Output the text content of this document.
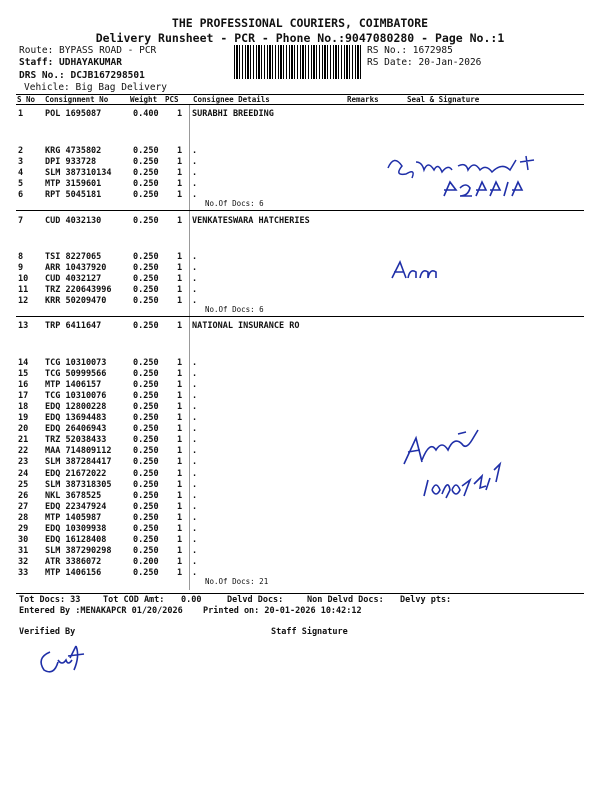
THE PROFESSIONAL COURIERS, COIMBATORE
Delivery Runsheet - PCR - Phone No.:9047080280 - Page No.:1
Route: BYPASS ROAD - PCR
Staff: UDHAYAKUMAR
DRS No.: DCJB167298501
Vehicle: Big Bag Delivery
RS No.: 1672985
RS Date: 20-Jan-2026
S No Consignment No	Weight PCS Consignee Details	Remarks	Seal & Signature
1	POL 1695087	0.400 1 SURABHI BREEDING
2	KRG 4735802	0.250 1 .
3	DPI 933728	0.250 1 .
4	SLM 387310134	0.250 1 .
5	MTP 3159601	0.250 1 .
6	RPT 5045181	0.250 1 .
No.Of Docs: 6
7	CUD 4032130	0.250 1 VENKATESWARA HATCHERIES
8	TSI 8227065	0.250 1 .
9	ARR 10437920	0.250 1 .
10 CUD 4032127	0.250 1 .
11 TRZ 220643996	0.250 1 .
12 KRR 50209470	0.250 1 .
No.Of Docs: 6
13 TRP 6411647	0.250 1 NATIONAL INSURANCE RO
14 TCG 10310073	0.250 1 .
15 TCG 50999566	0.250 1 .
16 MTP 1406157	0.250 1 .
17 TCG 10310076	0.250 1 .
18 EDQ 12800228	0.250 1 .
19 EDQ 13694483	0.250 1 .
20 EDQ 26406943	0.250 1 .
21 TRZ 52038433	0.250 1 .
22 MAA 714809112	0.250 1 .
23 SLM 387284417	0.250 1 .
24 EDQ 21672022	0.250 1 .
25 SLM 387318305	0.250 1 .
26 NKL 3678525	0.250 1 .
27 EDQ 22347924	0.250 1 .
28 MTP 1405987	0.250 1 .
29 EDQ 10309938	0.250 1 .
30 EDQ 16128408	0.250 1 .
31 SLM 387290298	0.250 1 .
32 ATR 3386072	0.200 1 .
33 MTP 1406156	0.250 1 .
No.Of Docs: 21
Tot Docs: 33	Tot COD Amt: 0.00	Delvd Docs:	Non Delvd Docs: Delvy pts:
Entered By :MENAKAPCR 01/20/2026 Printed on: 20-01-2026 10:42:12
Verified By	Staff Signature
